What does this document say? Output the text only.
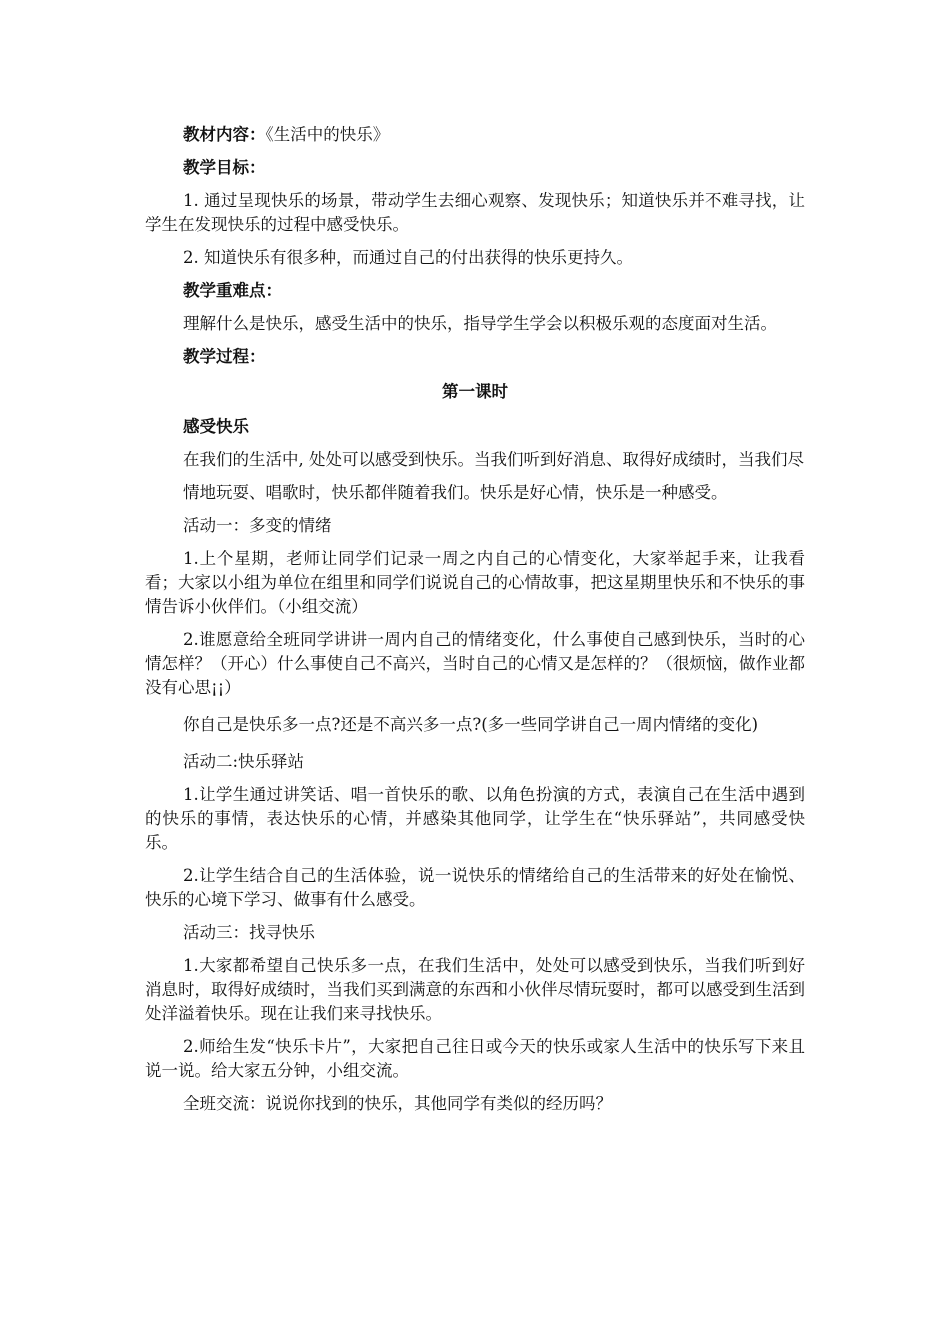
教材内容：《生活中的快乐》

教学目标：

1. 通过呈现快乐的场景，带动学生去细心观察、发现快乐；知道快乐并不难寻找，让学生在发现快乐的过程中感受快乐。

2. 知道快乐有很多种，而通过自己的付出获得的快乐更持久。

教学重难点：

理解什么是快乐，感受生活中的快乐，指导学生学会以积极乐观的态度面对生活。

教学过程：

第一课时

感受快乐

在我们的生活中, 处处可以感受到快乐。当我们听到好消息、取得好成绩时，当我们尽

情地玩耍、唱歌时，快乐都伴随着我们。快乐是好心情，快乐是一种感受。

活动一：多变的情绪

1.上个星期，老师让同学们记录一周之内自己的心情变化，大家举起手来，让我看看；大家以小组为单位在组里和同学们说说自己的心情故事，把这星期里快乐和不快乐的事情告诉小伙伴们。（小组交流）

2.谁愿意给全班同学讲讲一周内自己的情绪变化，什么事使自己感到快乐，当时的心情怎样？（开心）什么事使自己不高兴，当时自己的心情又是怎样的？（很烦恼，做作业都没有心思¡¡）

你自己是快乐多一点?还是不高兴多一点?(多一些同学讲自己一周内情绪的变化)

活动二:快乐驿站

1.让学生通过讲笑话、唱一首快乐的歌、以角色扮演的方式，表演自己在生活中遇到的快乐的事情，表达快乐的心情，并感染其他同学，让学生在“快乐驿站”，共同感受快乐。

2.让学生结合自己的生活体验，说一说快乐的情绪给自己的生活带来的好处在愉悦、快乐的心境下学习、做事有什么感受。

活动三：找寻快乐

1.大家都希望自己快乐多一点，在我们生活中，处处可以感受到快乐，当我们听到好消息时，取得好成绩时，当我们买到满意的东西和小伙伴尽情玩耍时，都可以感受到生活到处洋溢着快乐。现在让我们来寻找快乐。

2.师给生发“快乐卡片”，大家把自己往日或今天的快乐或家人生活中的快乐写下来且说一说。给大家五分钟，小组交流。

全班交流：说说你找到的快乐，其他同学有类似的经历吗？
